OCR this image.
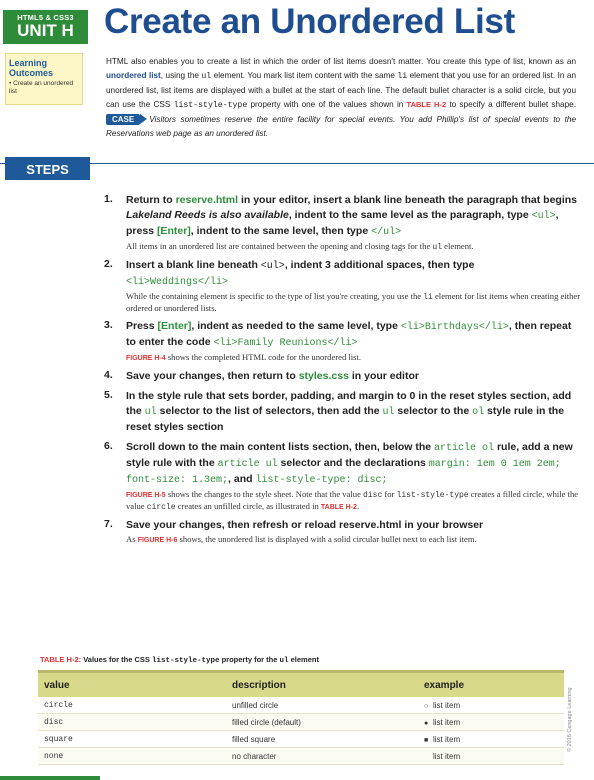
HTML5 & CSS3
UNIT H Create an Unordered List
Learning
Outcomes
• Create an unordered list
HTML also enables you to create a list in which the order of list items doesn't matter. You create this type of list, known as an unordered list, using the ul element. You mark list item content with the same li element that you use for an ordered list. In an unordered list, list items are displayed with a bullet at the start of each line. The default bullet character is a solid circle, but you can use the CSS list-style-type property with one of the values shown in TABLE H-2 to specify a different bullet shape. CASE Visitors sometimes reserve the entire facility for special events. You add Phillip's list of special events to the Reservations web page as an unordered list.
STEPS
1. Return to reserve.html in your editor, insert a blank line beneath the paragraph that begins Lakeland Reeds is also available, indent to the same level as the paragraph, type <ul>, press [Enter], indent to the same level, then type </ul>
All items in an unordered list are contained between the opening and closing tags for the ul element.
2. Insert a blank line beneath <ul>, indent 3 additional spaces, then type
<li>Weddings</li>
While the containing element is specific to the type of list you're creating, you use the li element for list items when creating either ordered or unordered lists.
3. Press [Enter], indent as needed to the same level, type <li>Birthdays</li>, then repeat to enter the code <li>Family Reunions</li>
FIGURE H-4 shows the completed HTML code for the unordered list.
4. Save your changes, then return to styles.css in your editor
5. In the style rule that sets border, padding, and margin to 0 in the reset styles section, add the ul selector to the list of selectors, then add the ul selector to the ol style rule in the reset styles section
6. Scroll down to the main content lists section, then, below the article ol rule, add a new style rule with the article ul selector and the declarations margin: 1em 0 1em 2em; font-size: 1.3em;, and list-style-type: disc;
FIGURE H-5 shows the changes to the style sheet. Note that the value disc for list-style-type creates a filled circle, while the value circle creates an unfilled circle, as illustrated in TABLE H-2.
7. Save your changes, then refresh or reload reserve.html in your browser
As FIGURE H-6 shows, the unordered list is displayed with a solid circular bullet next to each list item.
TABLE H-2: Values for the CSS list-style-type property for the ul element
value	description	example
circle	unfilled circle	○ list item
disc	filled circle (default)	● list item
square	filled square	■ list item
none	no character	list item
© 2016 Cengage Learning
